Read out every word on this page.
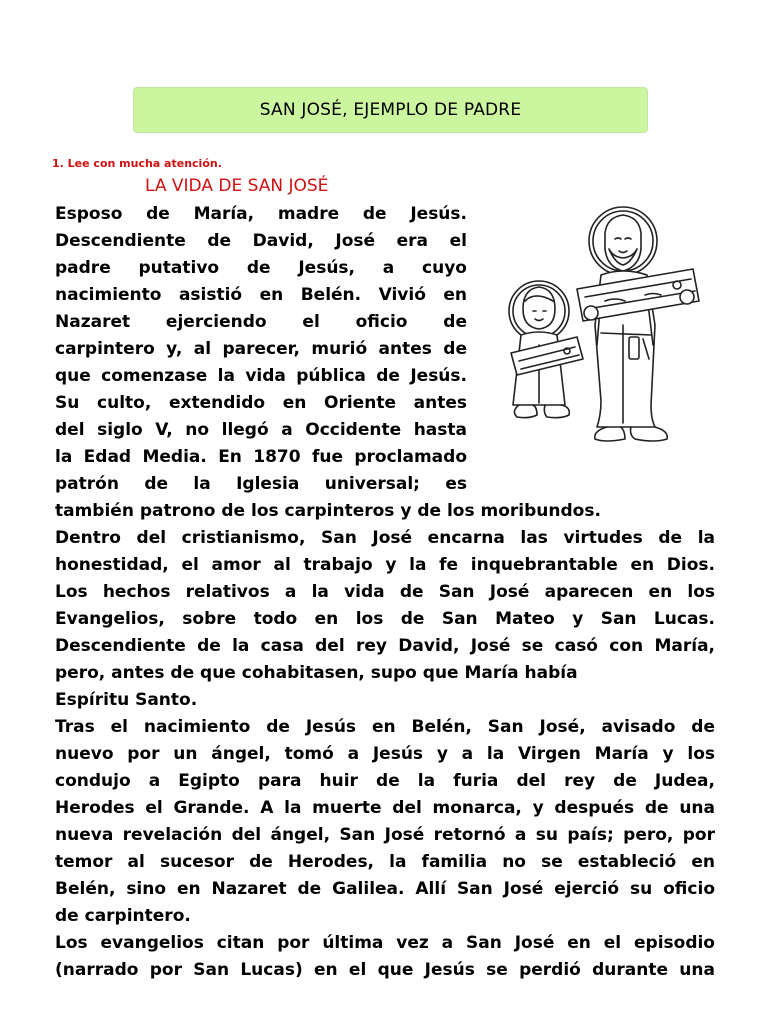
SAN JOSÉ, EJEMPLO DE PADRE
1. Lee con mucha atención.
LA VIDA DE SAN JOSÉ
Esposo de María, madre de Jesús.
Descendiente de David, José era el
padre putativo de Jesús, a cuyo
nacimiento asistió en Belén. Vivió en
Nazaret ejerciendo el oficio de
carpintero y, al parecer, murió antes de
que comenzase la vida pública de Jesús.
Su culto, extendido en Oriente antes
del siglo V, no llegó a Occidente hasta
la Edad Media. En 1870 fue proclamado
patrón de la Iglesia universal; es
también patrono de los carpinteros y de los moribundos.
Dentro del cristianismo, San José encarna las virtudes de la
honestidad, el amor al trabajo y la fe inquebrantable en Dios.
Los hechos relativos a la vida de San José aparecen en los
Evangelios, sobre todo en los de San Mateo y San Lucas.
Descendiente de la casa del rey David, José se casó con María,
pero, antes de que cohabitasen, supo que María había
Espíritu Santo.
Tras el nacimiento de Jesús en Belén, San José, avisado de
nuevo por un ángel, tomó a Jesús y a la Virgen María y los
condujo a Egipto para huir de la furia del rey de Judea,
Herodes el Grande. A la muerte del monarca, y después de una
nueva revelación del ángel, San José retornó a su país; pero, por
temor al sucesor de Herodes, la familia no se estableció en
Belén, sino en Nazaret de Galilea. Allí San José ejerció su oficio
de carpintero.
Los evangelios citan por última vez a San José en el episodio
(narrado por San Lucas) en el que Jesús se perdió durante una
